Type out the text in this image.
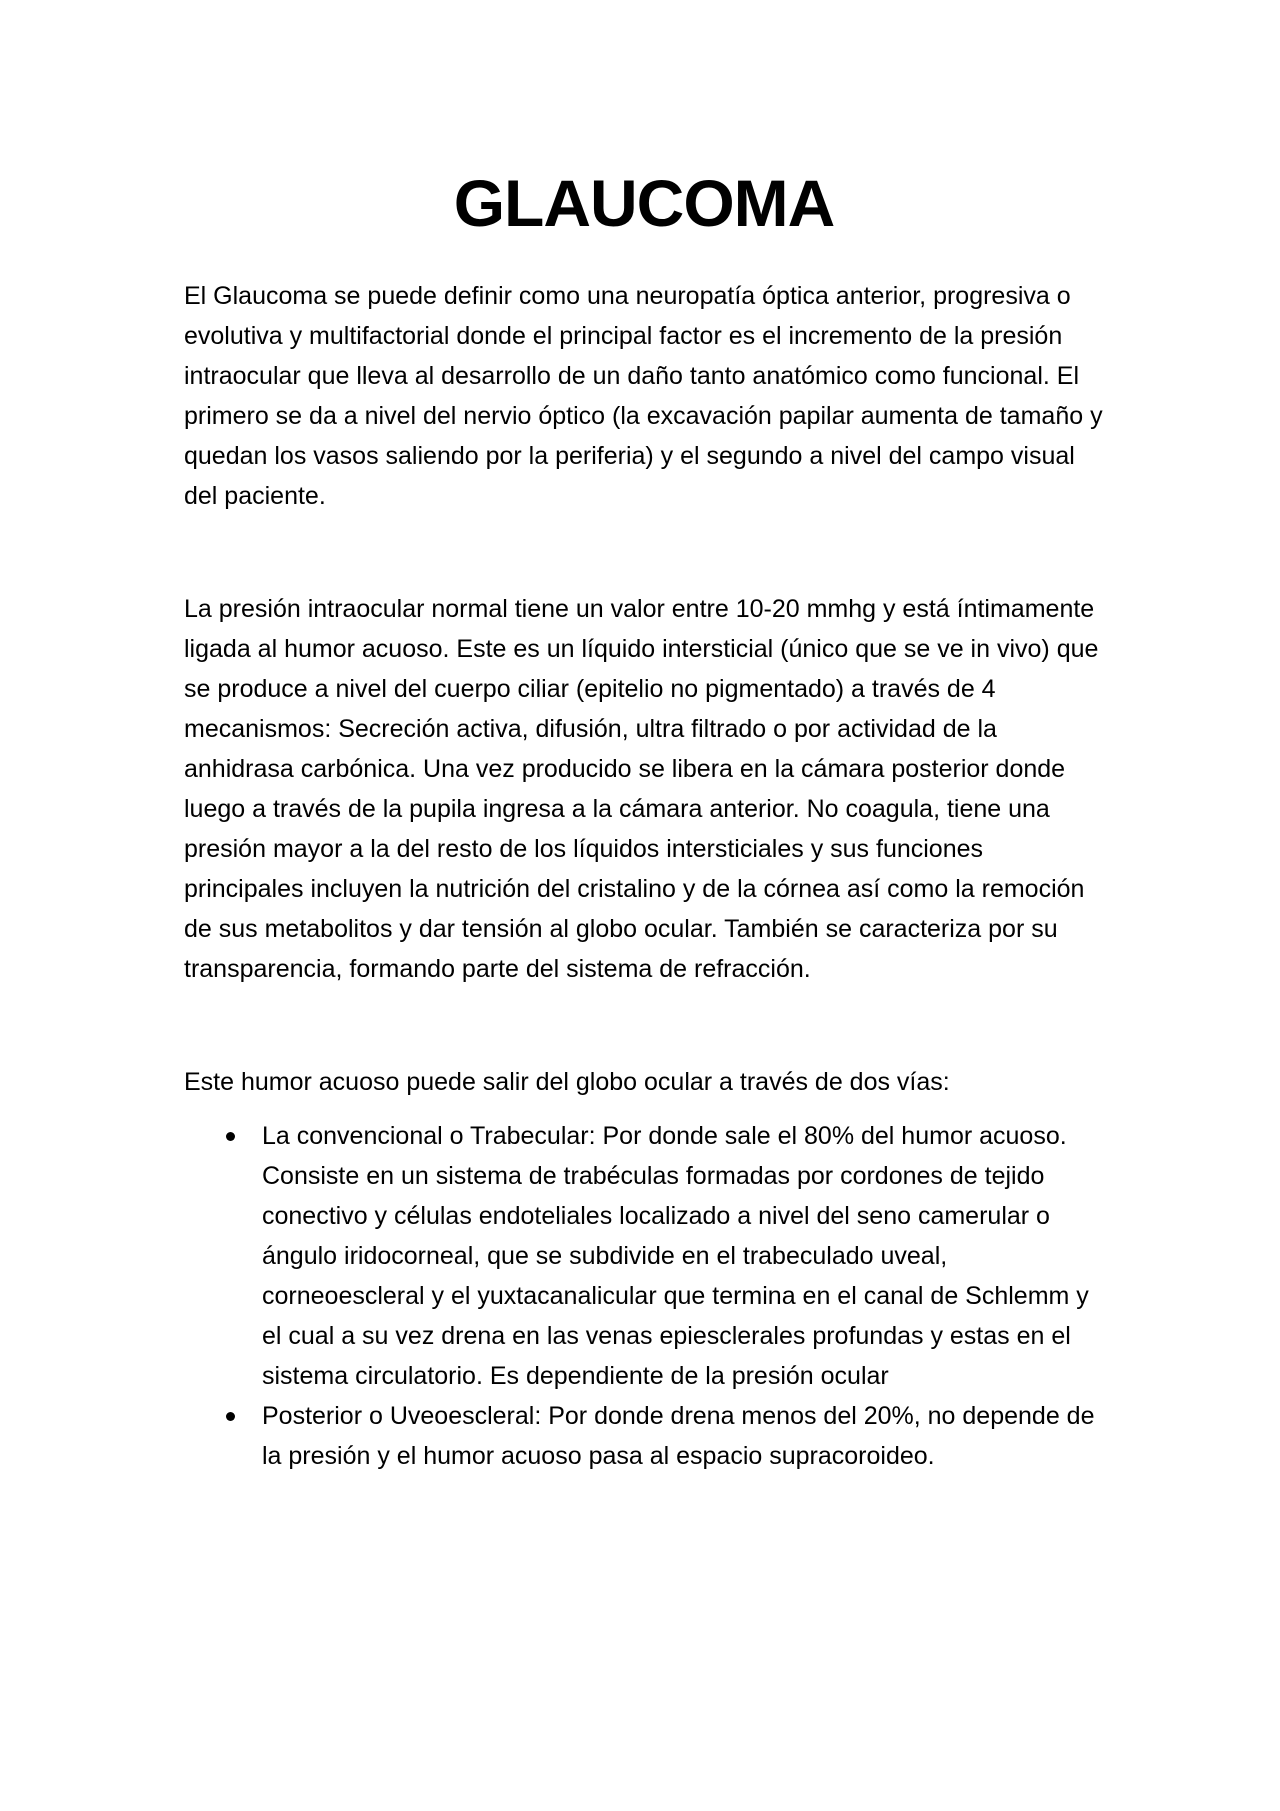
GLAUCOMA

El Glaucoma se puede definir como una neuropatía óptica anterior, progresiva o evolutiva y multifactorial donde el principal factor es el incremento de la presión intraocular que lleva al desarrollo de un daño tanto anatómico como funcional. El primero se da a nivel del nervio óptico (la excavación papilar aumenta de tamaño y quedan los vasos saliendo por la periferia) y el segundo a nivel del campo visual del paciente.

La presión intraocular normal tiene un valor entre 10-20 mmhg y está íntimamente ligada al humor acuoso. Este es un líquido intersticial (único que se ve in vivo) que se produce a nivel del cuerpo ciliar (epitelio no pigmentado) a través de 4 mecanismos: Secreción activa, difusión, ultra filtrado o por actividad de la anhidrasa carbónica. Una vez producido se libera en la cámara posterior donde luego a través de la pupila ingresa a la cámara anterior. No coagula, tiene una presión mayor a la del resto de los líquidos intersticiales y sus funciones principales incluyen la nutrición del cristalino y de la córnea así como la remoción de sus metabolitos y dar tensión al globo ocular. También se caracteriza por su transparencia, formando parte del sistema de refracción.

Este humor acuoso puede salir del globo ocular a través de dos vías:

La convencional o Trabecular: Por donde sale el 80% del humor acuoso. Consiste en un sistema de trabéculas formadas por cordones de tejido conectivo y células endoteliales localizado a nivel del seno camerular o ángulo iridocorneal, que se subdivide en el trabeculado uveal, corneoescleral y el yuxtacanalicular que termina en el canal de Schlemm y el cual a su vez drena en las venas epiesclerales profundas y estas en el sistema circulatorio. Es dependiente de la presión ocular
Posterior o Uveoescleral: Por donde drena menos del 20%, no depende de la presión y el humor acuoso pasa al espacio supracoroideo.
